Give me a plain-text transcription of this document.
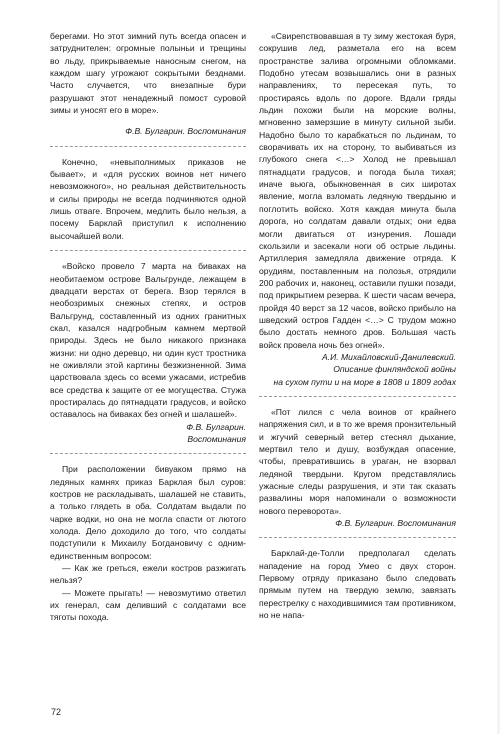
берегами. Но этот зимний путь всегда опасен и затруднителен: огромные полыньи и трещины во льду, прикрываемые наносным снегом, на каждом шагу угрожают сокрытыми безднами. Часто случается, что внезапные бури разрушают этот ненадежный помост суровой зимы и уносят его в море».

Ф.В. Булгарин. Воспоминания

Конечно, «невыполнимых приказов не бывает», и «для русских воинов нет ничего невозможного», но реальная действительность и силы природы не всегда подчиняются одной лишь отваге. Впрочем, медлить было нельзя, а посему Барклай приступил к исполнению высочайшей воли.

«Войско провело 7 марта на биваках на необитаемом острове Вальгрунде, лежащем в двадцати верстах от берега. Взор терялся в необозримых снежных степях, и остров Вальгрунд, составленный из одних гранитных скал, казался надгробным камнем мертвой природы. Здесь не было никакого признака жизни: ни одно деревцо, ни один куст тростника не оживляли этой картины безжизненной. Зима царствовала здесь со всеми ужасами, истребив все средства к защите от ее могущества. Стужа простиралась до пятнадцати градусов, и войско оставалось на биваках без огней и шалашей».

Ф.В. Булгарин.

Воспоминания

При расположении бивуаком прямо на ледяных камнях приказ Барклая был суров: костров не раскладывать, шалашей не ставить, а только глядеть в оба. Солдатам выдали по чарке водки, но она не могла спасти от лютого холода. Дело доходило до того, что солдаты подступили к Михаилу Богдановичу с одним-единственным вопросом:

— Как же греться, ежели костров разжигать нельзя?

— Можете прыгать! — невозмутимо ответил их генерал, сам деливший с солдатами все тяготы похода.

«Свирепствовавшая в ту зиму жестокая буря, сокрушив лед, разметала его на всем пространстве залива огромными обломками. Подобно утесам возвышались они в разных направлениях, то пересекая путь, то простираясь вдоль по дороге. Вдали гряды льдин похожи были на морские волны, мгновенно замерзшие в минуту сильной зыби. Надобно было то карабкаться по льдинам, то сворачивать их на сторону, то выбиваться из глубокого снега <…> Холод не превышал пятнадцати градусов, и погода была тихая; иначе вьюга, обыкновенная в сих широтах явление, могла взломать ледяную твердыню и поглотить войско. Хотя каждая минута была дорога, но солдатам давали отдых; они едва могли двигаться от изнурения. Лошади скользили и засекали ноги об острые льдины. Артиллерия замедляла движение отряда. К орудиям, поставленным на полозья, отрядили 200 рабочих и, наконец, оставили пушки позади, под прикрытием резерва. К шести часам вечера, пройдя 40 верст за 12 часов, войско прибыло на шведский остров Гадден <…> С трудом можно было достать немного дров. Большая часть войск провела ночь без огней».

А.И. Михайловский-Данилевский.

Описание финляндской войны

на сухом пути и на море в 1808 и 1809 годах

«Пот лился с чела воинов от крайнего напряжения сил, и в то же время пронзительный и жгучий северный ветер стеснял дыхание, мертвил тело и душу, возбуждая опасение, чтобы, превратившись в ураган, не взорвал ледяной твердыни. Кругом представлялись ужасные следы разрушения, и эти так сказать развалины моря напоминали о возможности нового переворота».

Ф.В. Булгарин. Воспоминания

Барклай-де-Толли предполагал сделать нападение на город Умео с двух сторон. Первому отряду приказано было следовать прямым путем на твердую землю, завязать перестрелку с находившимися там противником, но не напа-

72
